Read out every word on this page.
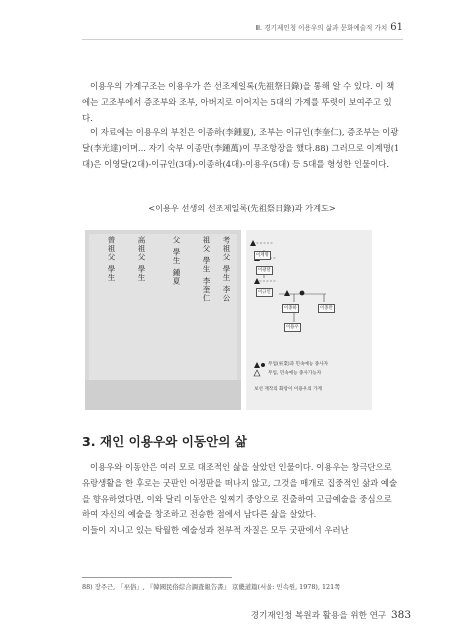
Ⅲ. 경기제인청 이용우의 삶과 문화예술적 가치 61
이용우의 가계구조는 이용우가 쓴 선조제일록(先祖祭日錄)을 통해 알 수 있다. 이 책에는 고조부에서 증조부와 조부, 아버지로 이어지는 5대의 가계를 뚜렷이 보여주고 있다.
이 자료에는 이용우의 부친은 이종하(李鍾夏), 조부는 이규인(李奎仁), 증조부는 이광달(李光達)이며... 자기 숙부 이종만(李鍾萬)이 무조항장을 했다.88) 그러므로 이계명(1대)은 이영달(2대)-이규인(3대)-이종하(4대)-이용우(5대) 등 5대를 형성한 인물이다.
<이용우 선생의 선조제일록(先祖祭日錄)과 가계도>
考祖父 學生 李公
祖父 學生 李奎仁
父 學生 鍾夏
高祖父 學生
曾祖父 學生	이계명
이광달
이규인
이종하	이종만
이용우
무업(巫業)과 민속예능 종사자
무업, 민속예능 종사가능자
보선 재작의 화랑이 이용우의 가계
3. 재인 이용우와 이동안의 삶
이용우와 이동안은 여러 모로 대조적인 삶을 살았던 인물이다. 이용우는 창극단으로 유랑생활을 한 후로는 굿판인 어정판을 떠나지 않고, 그것을 매개로 집중적인 삶과 예술을 향유하였다면, 이와 달리 이동안은 일찌기 중앙으로 진출하여 고급예술을 중심으로 하여 자신의 예술을 창조하고 전승한 점에서 남다른 삶을 살았다.
이들이 지니고 있는 탁월한 예술성과 천부적 자질은 모두 굿판에서 우러난
88) 장주근, 「巫俗」, 『韓國民俗綜合調査報告書』 京畿道篇(서울: 민속원, 1978), 121쪽
경기재인청 복원과 활용을 위한 연구 383
